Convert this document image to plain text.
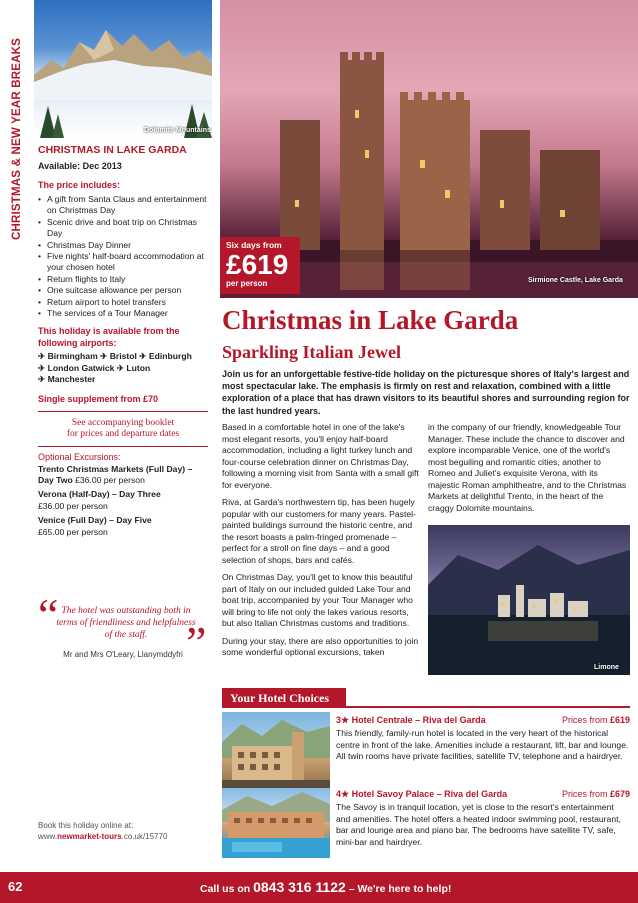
CHRISTMAS & NEW YEAR BREAKS	Dolomite Mountains
CHRISTMAS IN LAKE GARDA
Available: Dec 2013
The price includes:
• A gift from Santa Claus and entertainment on Christmas Day
• Scenic drive and boat trip on Christmas Day
• Christmas Day Dinner
• Five nights' half-board accommodation at your chosen hotel
• Return flights to Italy
• One suitcase allowance per person
• Return airport to hotel transfers
• The services of a Tour Manager
This holiday is available from the following airports:
✈ Birmingham ✈ Bristol ✈ Edinburgh
✈ London Gatwick ✈ Luton
✈ Manchester
Single supplement from £70
See accompanying booklet
for prices and departure dates
Optional Excursions:
Trento Christmas Markets (Full Day) – Day Two £36.00 per person
Verona (Half-Day) – Day Three
£36.00 per person
Venice (Full Day) – Day Five
£65.00 per person
“ The hotel was outstanding both in terms of friendliness and helpfulness of the staff. ”
Mr and Mrs O'Leary, Llanymddyfri
Book this holiday online at:
www.newmarket-tours.co.uk/15770
Sirmione Castle, Lake Garda
Six days from
£619
per person
Christmas in Lake Garda
Sparkling Italian Jewel
Join us for an unforgettable festive-tide holiday on the picturesque shores of Italy's largest and most spectacular lake. The emphasis is firmly on rest and relaxation, combined with a little exploration of a place that has drawn visitors to its beautiful shores and surrounding region for the last hundred years.

Based in a comfortable hotel in one of the lake's most elegant resorts, you'll enjoy half-board accommodation, including a light turkey lunch and four-course celebration dinner on Christmas Day, following a morning visit from Santa with a small gift for everyone.

Riva, at Garda's northwestern tip, has been hugely popular with our customers for many years. Pastel-painted buildings surround the historic centre, and the resort boasts a palm-fringed promenade – perfect for a stroll on fine days – and a good selection of shops, bars and cafés.

On Christmas Day, you'll get to know this beautiful part of Italy on our included guided Lake Tour and boat trip, accompanied by your Tour Manager who will bring to life not only the lakes various resorts, but also Italian Christmas customs and traditions.

During your stay, there are also opportunities to join some wonderful optional excursions, taken

in the company of our friendly, knowledgeable Tour Manager. These include the chance to discover and explore incomparable Venice, one of the world's most beguiling and romantic cities, another to Romeo and Juliet's exquisite Verona, with its majestic Roman amphitheatre, and to the Christmas Markets at delightful Trento, in the heart of the craggy Dolomite mountains.

Limone
Your Hotel Choices
3★ Hotel Centrale – Riva del Garda	Prices from £619
This friendly, family-run hotel is located in the very heart of the historical centre in front of the lake. Amenities include a restaurant, lift, bar and lounge. All twin rooms have private facilities, satellite TV, telephone and a hairdryer.
4★ Hotel Savoy Palace – Riva del Garda	Prices from £679
The Savoy is in tranquil location, yet is close to the resort's entertainment and amenities. The hotel offers a heated indoor swimming pool, restaurant, bar and lounge area and piano bar. The bedrooms have satellite TV, safe, mini-bar and hairdryer.
62	Call us on 0843 316 1122 – We're here to help!
